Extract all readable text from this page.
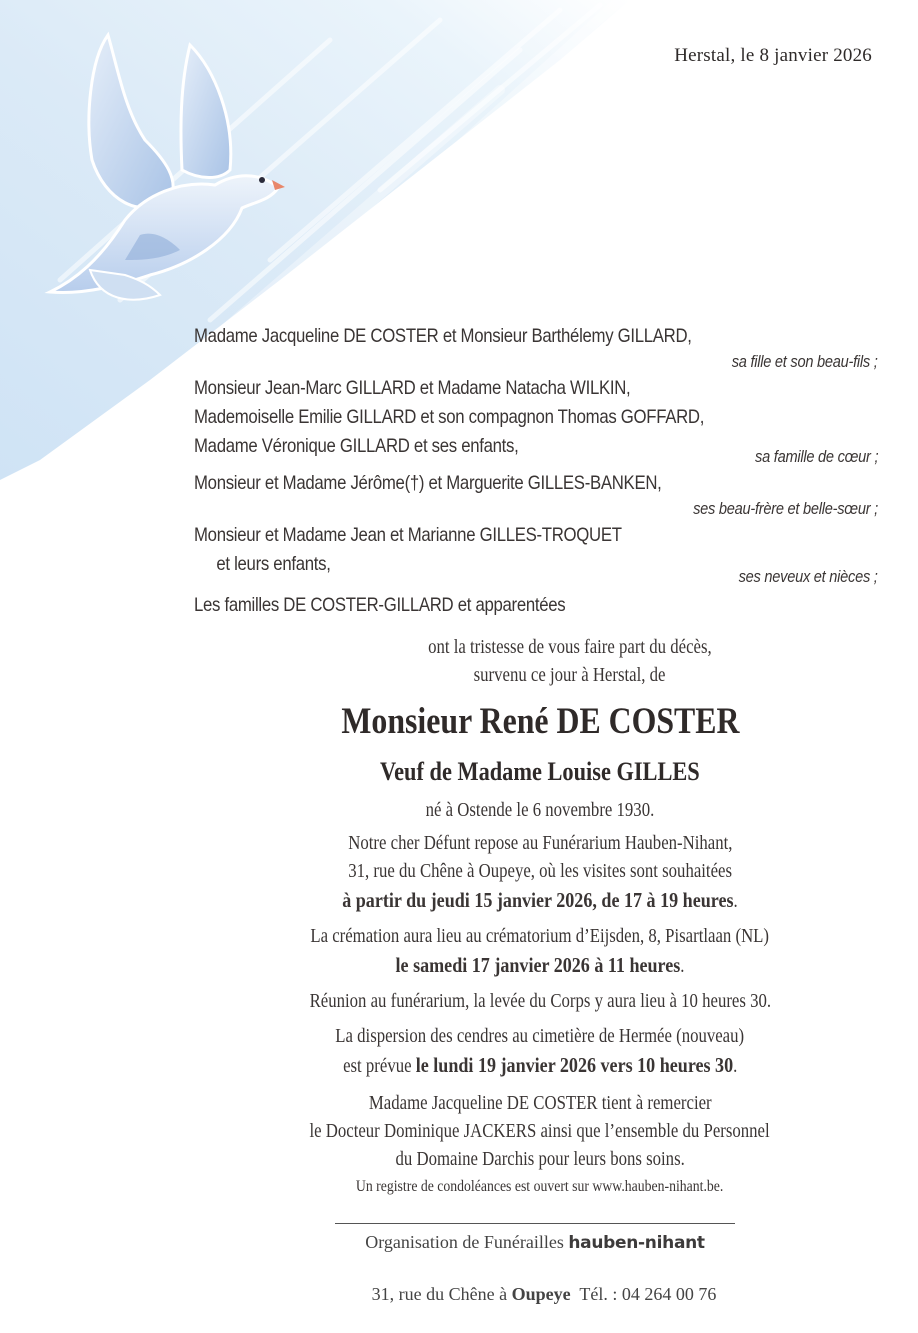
Herstal, le 8 janvier 2026
Madame Jacqueline DE COSTER et Monsieur Barthélemy GILLARD,
sa fille et son beau-fils ;
Monsieur Jean-Marc GILLARD et Madame Natacha WILKIN,
Mademoiselle Emilie GILLARD et son compagnon Thomas GOFFARD,
Madame Véronique GILLARD et ses enfants,	sa famille de cœur ;
Monsieur et Madame Jérôme(†) et Marguerite GILLES-BANKEN,
ses beau-frère et belle-sœur ;
Monsieur et Madame Jean et Marianne GILLES-TROQUET
et leurs enfants,
ses neveux et nièces ;
Les familles DE COSTER-GILLARD et apparentées
ont la tristesse de vous faire part du décès,
survenu ce jour à Herstal, de
Monsieur René DE COSTER
Veuf de Madame Louise GILLES
né à Ostende le 6 novembre 1930.
Notre cher Défunt repose au Funérarium Hauben-Nihant,
31, rue du Chêne à Oupeye, où les visites sont souhaitées
à partir du jeudi 15 janvier 2026, de 17 à 19 heures.
La crémation aura lieu au crématorium d’Eijsden, 8, Pisartlaan (NL)
le samedi 17 janvier 2026 à 11 heures.
Réunion au funérarium, la levée du Corps y aura lieu à 10 heures 30.
La dispersion des cendres au cimetière de Hermée (nouveau)
est prévue le lundi 19 janvier 2026 vers 10 heures 30.
Madame Jacqueline DE COSTER tient à remercier
le Docteur Dominique JACKERS ainsi que l’ensemble du Personnel
du Domaine Darchis pour leurs bons soins.
Un registre de condoléances est ouvert sur www.hauben-nihant.be.
Organisation de Funérailles hauben-nihant

31, rue du Chêne à Oupeye  Tél. : 04 264 00 76
